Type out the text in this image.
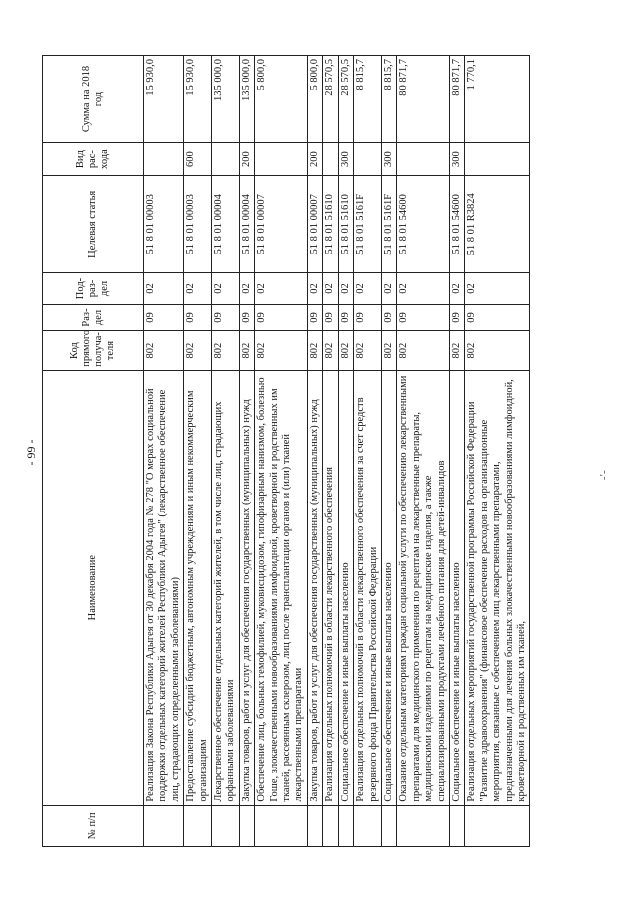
- 99 -
№ п/п	Наименование	Код прямого получа-теля	Раз-дел	Под-раз-дел	Целевая статья	Вид рас-хода	Сумма на 2018 год
	Реализация Закона Республики Адыгея от 30 декабря 2004 года № 278 "О мерах социальной поддержки отдельных категорий жителей Республики Адыгея" (лекарственное обеспечение лиц, страдающих определенными заболеваниями)	802	09	02	51 8 01 00003		15 930,0
	Предоставление субсидий бюджетным, автономным учреждениям и иным некоммерческим организациям	802	09	02	51 8 01 00003	600	15 930,0
	Лекарственное обеспечение отдельных категорий жителей, в том числе лиц, страдающих орфанными заболеваниями	802	09	02	51 8 01 00004		135 000,0
	Закупка товаров, работ и услуг для обеспечения государственных (муниципальных) нужд	802	09	02	51 8 01 00004	200	135 000,0
	Обеспечение лиц, больных гемофилией, муковисцидозом, гипофизарным нанизмом, болезнью Гоше, злокачественными новообразованиями лимфоидной, кроветворной и родственных им тканей, рассеянным склерозом, лиц после трансплантации органов и (или) тканей лекарственными препаратами	802	09	02	51 8 01 00007		5 800,0
	Закупка товаров, работ и услуг для обеспечения государственных (муниципальных) нужд	802	09	02	51 8 01 00007	200	5 800,0
	Реализация отдельных полномочий в области лекарственного обеспечения	802	09	02	51 8 01 51610		28 570,5
	Социальное обеспечение и иные выплаты населению	802	09	02	51 8 01 51610	300	28 570,5
	Реализация отдельных полномочий в области лекарственного обеспечения за счет средств резервного фонда Правительства Российской Федерации	802	09	02	51 8 01 5161F		8 815,7
	Социальное обеспечение и иные выплаты населению	802	09	02	51 8 01 5161F	300	8 815,7
	Оказание отдельным категориям граждан социальной услуги по обеспечению лекарственными препаратами для медицинского применения по рецептам на лекарственные препараты, медицинскими изделиями по рецептам на медицинские изделия, а также специализированными продуктами лечебного питания для детей-инвалидов	802	09	02	51 8 01 54600		80 871,7
	Социальное обеспечение и иные выплаты населению	802	09	02	51 8 01 54600	300	80 871,7
	Реализация отдельных мероприятий государственной программы Российской Федерации "Развитие здравоохранения" (финансовое обеспечение расходов на организационные мероприятия, связанные с обеспечением лиц лекарственными препаратами, предназначенными для лечения больных злокачественными новообразованиями лимфоидной, кроветворной и родственных им тканей,	802	09	02	51 8 01 R3824		1 770,1
-ʹ-
